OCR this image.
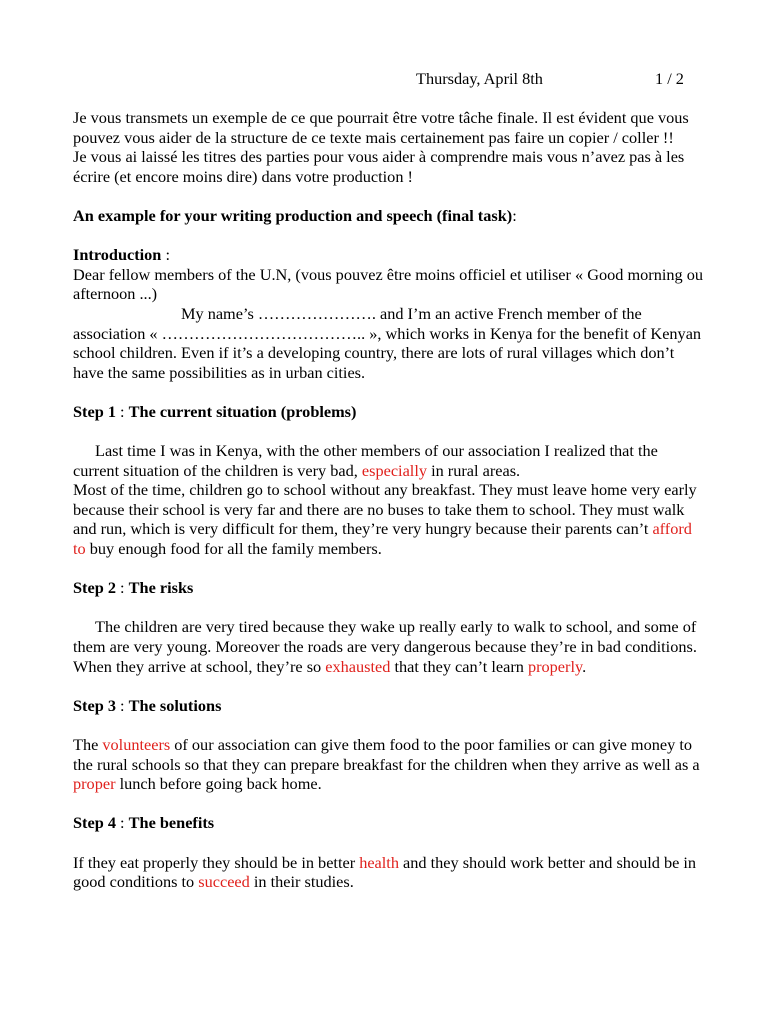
Thursday, April 8th	1 / 2

Je vous transmets un exemple de ce que pourrait être votre tâche finale. Il est évident que vous pouvez vous aider de la structure de ce texte mais certainement pas faire un copier / coller !!

Je vous ai laissé les titres des parties pour vous aider à comprendre mais vous n’avez pas à les écrire (et encore moins dire) dans votre production !

An example for your writing production and speech (final task):

Introduction :

Dear fellow members of the U.N, (vous pouvez être moins officiel et utiliser « Good morning ou afternoon ...)

My name’s …………………. and I’m an active French member of the association « ……………………………….. », which works in Kenya for the benefit of Kenyan school children. Even if it’s a developing country, there are lots of rural villages which don’t have the same possibilities as in urban cities.

Step 1 : The current situation (problems)

Last time I was in Kenya, with the other members of our association I realized that the current situation of the children is very bad, especially in rural areas.

Most of the time, children go to school without any breakfast. They must leave home very early because their school is very far and there are no buses to take them to school. They must walk and run, which is very difficult for them, they’re very hungry because their parents can’t afford to buy enough food for all the family members.

Step 2 : The risks

The children are very tired because they wake up really early to walk to school, and some of them are very young. Moreover the roads are very dangerous because they’re in bad conditions. When they arrive at school, they’re so exhausted that they can’t learn properly.

Step 3 : The solutions

The volunteers of our association can give them food to the poor families or can give money to the rural schools so that they can prepare breakfast for the children when they arrive as well as a proper lunch before going back home.

Step 4 : The benefits

If they eat properly they should be in better health and they should work better and should be in good conditions to succeed in their studies.
